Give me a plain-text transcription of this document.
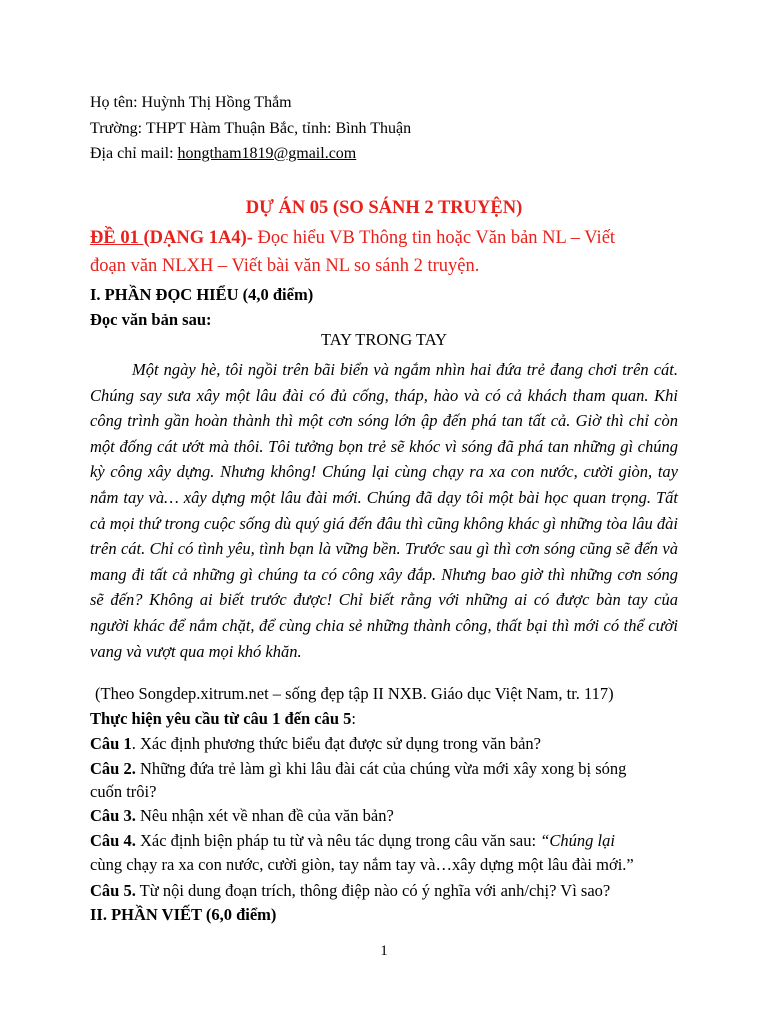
Họ tên: Huỳnh Thị Hồng Thắm
Trường: THPT Hàm Thuận Bắc, tỉnh: Bình Thuận
Địa chỉ mail: hongtham1819@gmail.com
DỰ ÁN 05 (SO SÁNH 2 TRUYỆN)
ĐỀ 01 (DẠNG 1A4)- Đọc hiểu VB Thông tin hoặc Văn bản NL – Viết
đoạn văn NLXH – Viết bài văn NL so sánh 2 truyện.
I. PHẦN ĐỌC HIỂU (4,0 điểm)
Đọc văn bản sau:
TAY TRONG TAY

Một ngày hè, tôi ngồi trên bãi biển và ngắm nhìn hai đứa trẻ đang chơi trên cát. Chúng say sưa xây một lâu đài có đủ cống, tháp, hào và có cả khách tham quan. Khi công trình gần hoàn thành thì một cơn sóng lớn ập đến phá tan tất cả. Giờ thì chỉ còn một đống cát ướt mà thôi. Tôi tưởng bọn trẻ sẽ khóc vì sóng đã phá tan những gì chúng kỳ công xây dựng. Nhưng không! Chúng lại cùng chạy ra xa con nước, cười giòn, tay nắm tay và… xây dựng một lâu đài mới. Chúng đã dạy tôi một bài học quan trọng. Tất cả mọi thứ trong cuộc sống dù quý giá đến đâu thì cũng không khác gì những tòa lâu đài trên cát. Chỉ có tình yêu, tình bạn là vững bền. Trước sau gì thì cơn sóng cũng sẽ đến và mang đi tất cả những gì chúng ta có công xây đắp. Nhưng bao giờ thì những cơn sóng sẽ đến? Không ai biết trước được! Chỉ biết rằng với những ai có được bàn tay của người khác để nắm chặt, để cùng chia sẻ những thành công, thất bại thì mới có thể cười vang và vượt qua mọi khó khăn.

(Theo Songdep.xitrum.net – sống đẹp tập II NXB. Giáo dục Việt Nam, tr. 117)
Thực hiện yêu cầu từ câu 1 đến câu 5:
Câu 1. Xác định phương thức biểu đạt được sử dụng trong văn bản?
Câu 2. Những đứa trẻ làm gì khi lâu đài cát của chúng vừa mới xây xong bị sóng
cuốn trôi?
Câu 3. Nêu nhận xét về nhan đề của văn bản?
Câu 4. Xác định biện pháp tu từ và nêu tác dụng trong câu văn sau: “Chúng lại
cùng chạy ra xa con nước, cười giòn, tay nắm tay và…xây dựng một lâu đài mới.”
Câu 5. Từ nội dung đoạn trích, thông điệp nào có ý nghĩa với anh/chị? Vì sao?
II. PHẦN VIẾT (6,0 điểm)
1
